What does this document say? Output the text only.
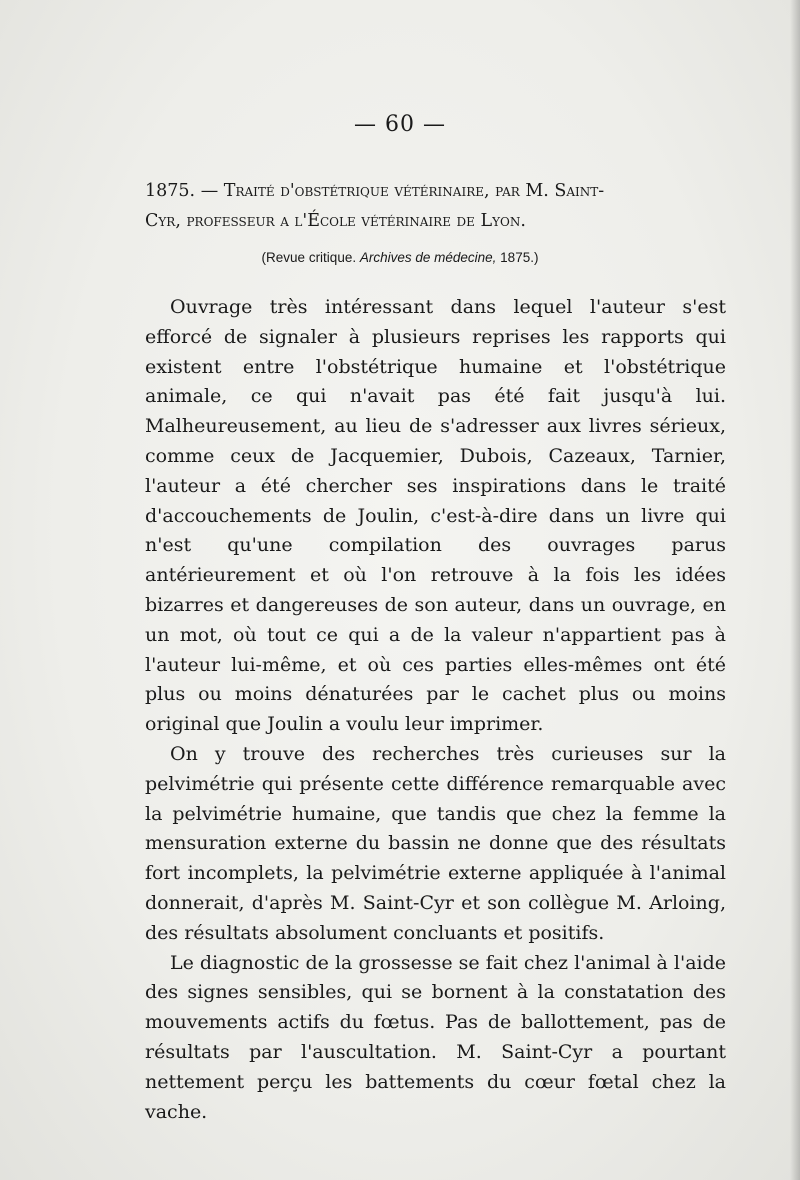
— 60 —
1875. — Traité d'obstétrique vétérinaire, par M. Saint-
Cyr, professeur a l'École vétérinaire de Lyon.
(Revue critique. Archives de médecine, 1875.)

Ouvrage très intéressant dans lequel l'auteur s'est efforcé de signaler à plusieurs reprises les rapports qui existent entre l'obstétrique humaine et l'obstétrique animale, ce qui n'avait pas été fait jusqu'à lui. Malheureusement, au lieu de s'adresser aux livres sérieux, comme ceux de Jacquemier, Dubois, Cazeaux, Tarnier, l'auteur a été chercher ses inspirations dans le traité d'accouchements de Joulin, c'est-à-dire dans un livre qui n'est qu'une compilation des ouvrages parus antérieurement et où l'on retrouve à la fois les idées bizarres et dangereuses de son auteur, dans un ouvrage, en un mot, où tout ce qui a de la valeur n'appartient pas à l'auteur lui-même, et où ces parties elles-mêmes ont été plus ou moins dénaturées par le cachet plus ou moins original que Joulin a voulu leur imprimer.

On y trouve des recherches très curieuses sur la pelvimétrie qui présente cette différence remarquable avec la pelvimétrie humaine, que tandis que chez la femme la mensuration externe du bassin ne donne que des résultats fort incomplets, la pelvimétrie externe appliquée à l'animal donnerait, d'après M. Saint-Cyr et son collègue M. Arloing, des résultats absolument concluants et positifs.

Le diagnostic de la grossesse se fait chez l'animal à l'aide des signes sensibles, qui se bornent à la constatation des mouvements actifs du fœtus. Pas de ballottement, pas de résultats par l'auscultation. M. Saint-Cyr a pourtant nettement perçu les battements du cœur fœtal chez la vache.
